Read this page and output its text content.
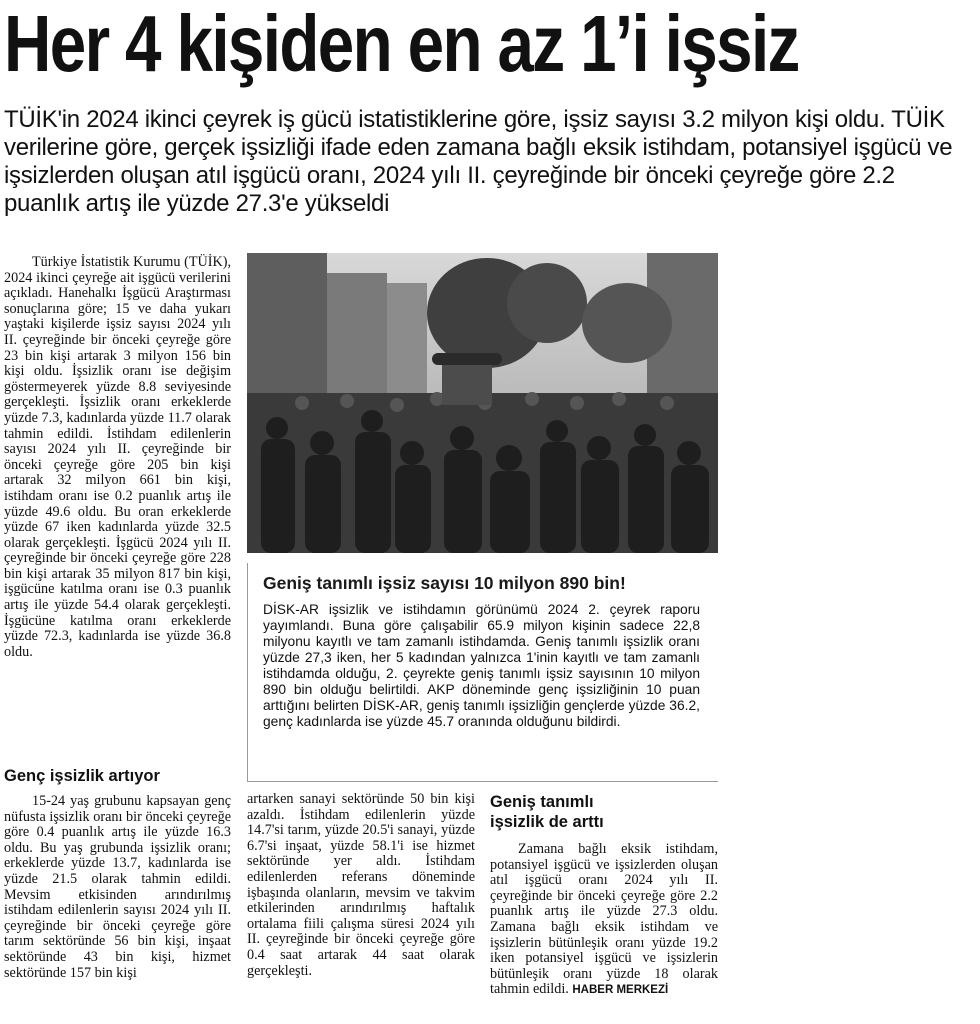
Her 4 kişiden en az 1’i işsiz
TÜİK'in 2024 ikinci çeyrek iş gücü istatistiklerine göre, işsiz sayısı 3.2 milyon kişi oldu. TÜİK verilerine göre, gerçek işsizliği ifade eden zamana bağlı eksik istihdam, potansiyel işgücü ve işsizlerden oluşan atıl işgücü oranı, 2024 yılı II. çeyreğinde bir önceki çeyreğe göre 2.2 puanlık artış ile yüzde 27.3'e yükseldi

Türkiye İstatistik Kurumu (TÜİK), 2024 ikinci çeyreğe ait işgücü verilerini açıkladı. Hanehalkı İşgücü Araştırması sonuçlarına göre; 15 ve daha yukarı yaştaki kişilerde işsiz sayısı 2024 yılı II. çeyreğinde bir önceki çeyreğe göre 23 bin kişi artarak 3 milyon 156 bin kişi oldu. İşsizlik oranı ise değişim göstermeyerek yüzde 8.8 seviyesinde gerçekleşti. İşsizlik oranı erkeklerde yüzde 7.3, kadınlarda yüzde 11.7 olarak tahmin edildi. İstihdam edilenlerin sayısı 2024 yılı II. çeyreğinde bir önceki çeyreğe göre 205 bin kişi artarak 32 milyon 661 bin kişi, istihdam oranı ise 0.2 puanlık artış ile yüzde 49.6 oldu. Bu oran erkeklerde yüzde 67 iken kadınlarda yüzde 32.5 olarak gerçekleşti. İşgücü 2024 yılı II. çeyreğinde bir önceki çeyreğe göre 228 bin kişi artarak 35 milyon 817 bin kişi, işgücüne katılma oranı ise 0.3 puanlık artış ile yüzde 54.4 olarak gerçekleşti. İşgücüne katılma oranı erkeklerde yüzde 72.3, kadınlarda ise yüzde 36.8 oldu.

Genç işsizlik artıyor

15-24 yaş grubunu kapsayan genç nüfusta işsizlik oranı bir önceki çeyreğe göre 0.4 puanlık artış ile yüzde 16.3 oldu. Bu yaş grubunda işsizlik oranı; erkeklerde yüzde 13.7, kadınlarda ise yüzde 21.5 olarak tahmin edildi. Mevsim etkisinden arındırılmış istihdam edilenlerin sayısı 2024 yılı II. çeyreğinde bir önceki çeyreğe göre tarım sektöründe 56 bin kişi, inşaat sektöründe 43 bin kişi, hizmet sektöründe 157 bin kişi

Geniş tanımlı işsiz sayısı 10 milyon 890 bin!
DİSK-AR işsizlik ve istihdamın görünümü 2024 2. çeyrek raporu yayımlandı. Buna göre çalışabilir 65.9 milyon kişinin sadece 22,8 milyonu kayıtlı ve tam zamanlı istihdamda. Geniş tanımlı işsizlik oranı yüzde 27,3 iken, her 5 kadından yalnızca 1'inin kayıtlı ve tam zamanlı istihdamda olduğu, 2. çeyrekte geniş tanımlı işsiz sayısının 10 milyon 890 bin olduğu belirtildi. AKP döneminde genç işsizliğinin 10 puan arttığını belirten DİSK-AR, geniş tanımlı işsizliğin gençlerde yüzde 36.2, genç kadınlarda ise yüzde 45.7 oranında olduğunu bildirdi.

artarken sanayi sektöründe 50 bin kişi azaldı. İstihdam edilenlerin yüzde 14.7'si tarım, yüzde 20.5'i sanayi, yüzde 6.7'si inşaat, yüzde 58.1'i ise hizmet sektöründe yer aldı. İstihdam edilenlerden referans döneminde işbaşında olanların, mevsim ve takvim etkilerinden arındırılmış haftalık ortalama fiili çalışma süresi 2024 yılı II. çeyreğinde bir önceki çeyreğe göre 0.4 saat artarak 44 saat olarak gerçekleşti.

Geniş tanımlı
işsizlik de arttı

Zamana bağlı eksik istihdam, potansiyel işgücü ve işsizlerden oluşan atıl işgücü oranı 2024 yılı II. çeyreğinde bir önceki çeyreğe göre 2.2 puanlık artış ile yüzde 27.3 oldu. Zamana bağlı eksik istihdam ve işsizlerin bütünleşik oranı yüzde 19.2 iken potansiyel işgücü ve işsizlerin bütünleşik oranı yüzde 18 olarak tahmin edildi. HABER MERKEZİ
